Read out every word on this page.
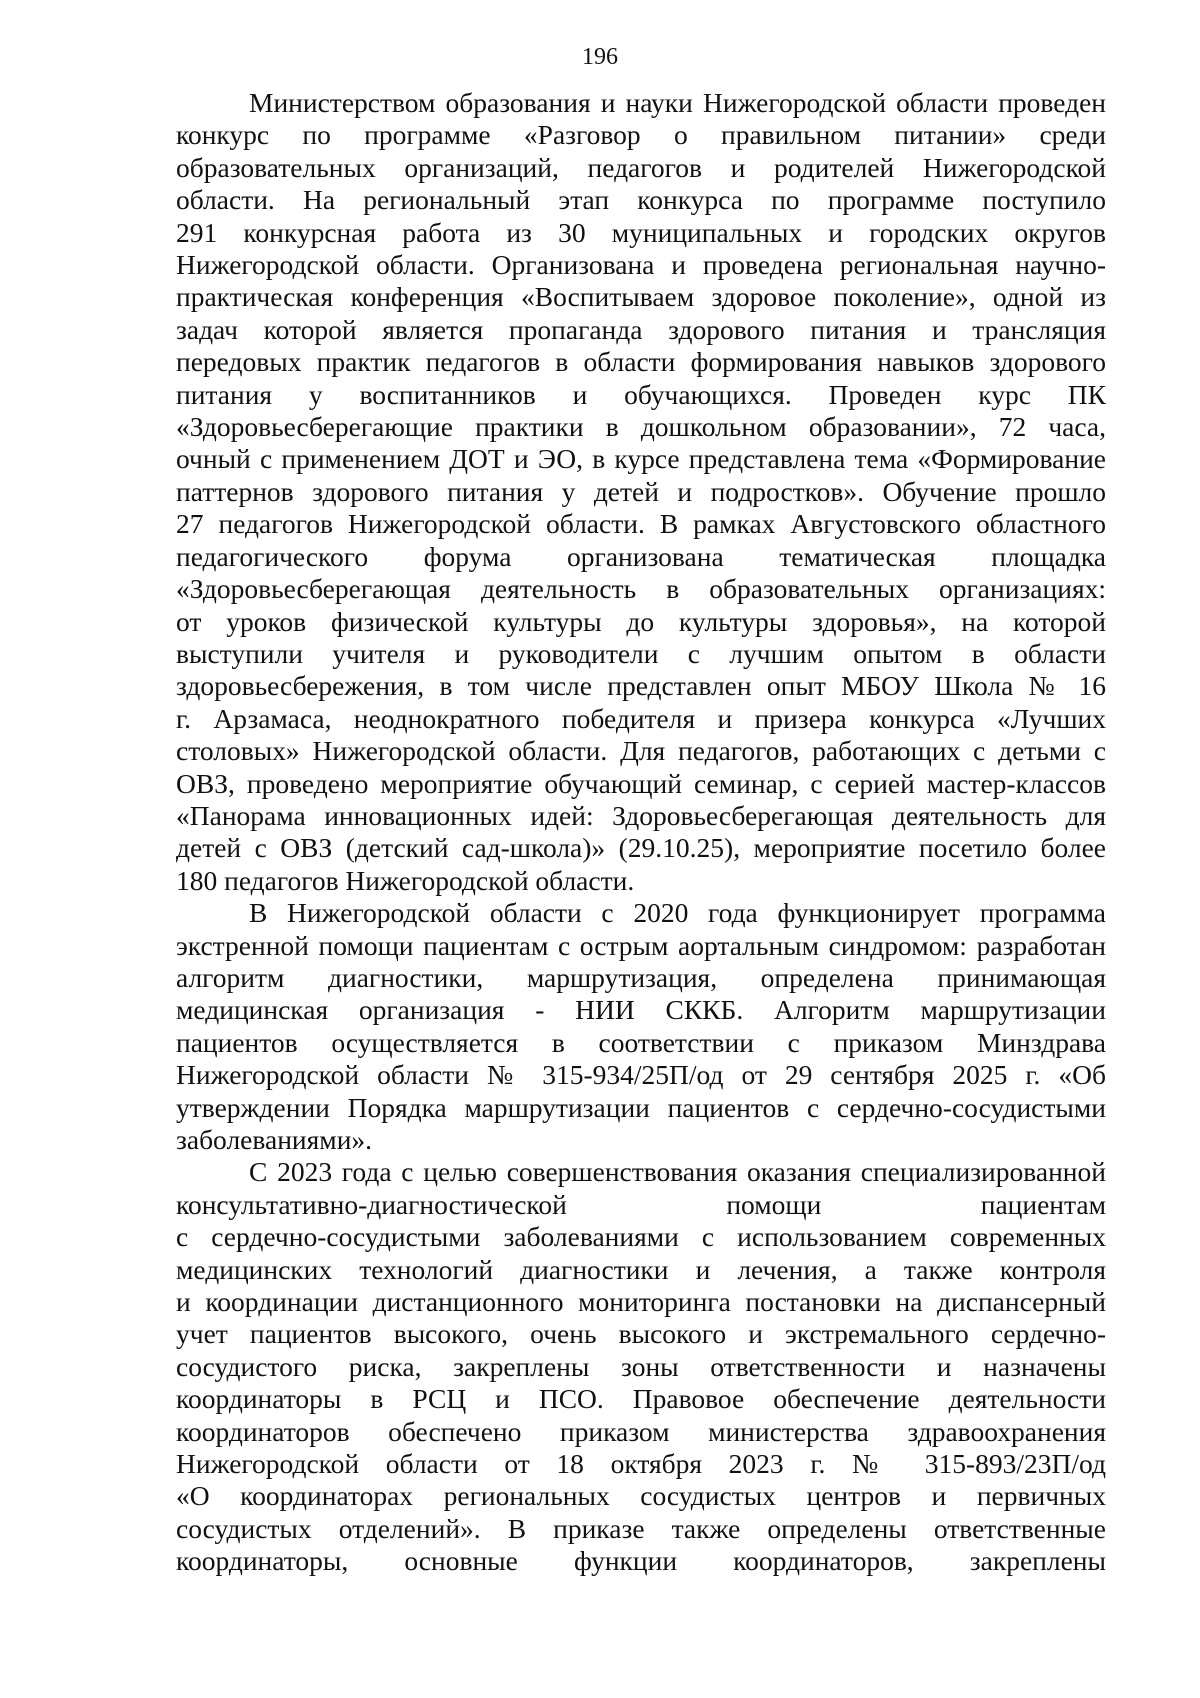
196

Министерством образования и науки Нижегородской области проведен
конкурс по программе «Разговор о правильном питании» среди
образовательных организаций, педагогов и родителей Нижегородской
области. На региональный этап конкурса по программе поступило
291 конкурсная работа из 30 муниципальных и городских округов
Нижегородской области. Организована и проведена региональная научно-
практическая конференция «Воспитываем здоровое поколение», одной из
задач которой является пропаганда здорового питания и трансляция
передовых практик педагогов в области формирования навыков здорового
питания у воспитанников и обучающихся. Проведен курс ПК
«Здоровьесберегающие практики в дошкольном образовании», 72 часа,
очный с применением ДОТ и ЭО, в курсе представлена тема «Формирование
паттернов здорового питания у детей и подростков». Обучение прошло
27 педагогов Нижегородской области. В рамках Августовского областного
педагогического форума организована тематическая площадка
«Здоровьесберегающая деятельность в образовательных организациях:
от уроков физической культуры до культуры здоровья», на которой
выступили учителя и руководители с лучшим опытом в области
здоровьесбережения, в том числе представлен опыт МБОУ Школа № 16
г. Арзамаса, неоднократного победителя и призера конкурса «Лучших
столовых» Нижегородской области. Для педагогов, работающих с детьми с
ОВЗ, проведено мероприятие обучающий семинар, с серией мастер-классов
«Панорама инновационных идей: Здоровьесберегающая деятельность для
детей с ОВЗ (детский сад-школа)» (29.10.25), мероприятие посетило более
180 педагогов Нижегородской области.

В Нижегородской области с 2020 года функционирует программа
экстренной помощи пациентам с острым аортальным синдромом: разработан
алгоритм диагностики, маршрутизация, определена принимающая
медицинская организация - НИИ СККБ. Алгоритм маршрутизации
пациентов осуществляется в соответствии с приказом Минздрава
Нижегородской области № 315-934/25П/од от 29 сентября 2025 г. «Об
утверждении Порядка маршрутизации пациентов с сердечно-сосудистыми
заболеваниями».

С 2023 года с целью совершенствования оказания специализированной
консультативно-диагностической помощи пациентам
с сердечно-сосудистыми заболеваниями с использованием современных
медицинских технологий диагностики и лечения, а также контроля
и координации дистанционного мониторинга постановки на диспансерный
учет пациентов высокого, очень высокого и экстремального сердечно-
сосудистого риска, закреплены зоны ответственности и назначены
координаторы в РСЦ и ПСО. Правовое обеспечение деятельности
координаторов обеспечено приказом министерства здравоохранения
Нижегородской области от 18 октября 2023 г. № 315-893/23П/од
«О координаторах региональных сосудистых центров и первичных
сосудистых отделений». В приказе также определены ответственные
координаторы, основные функции координаторов, закреплены
